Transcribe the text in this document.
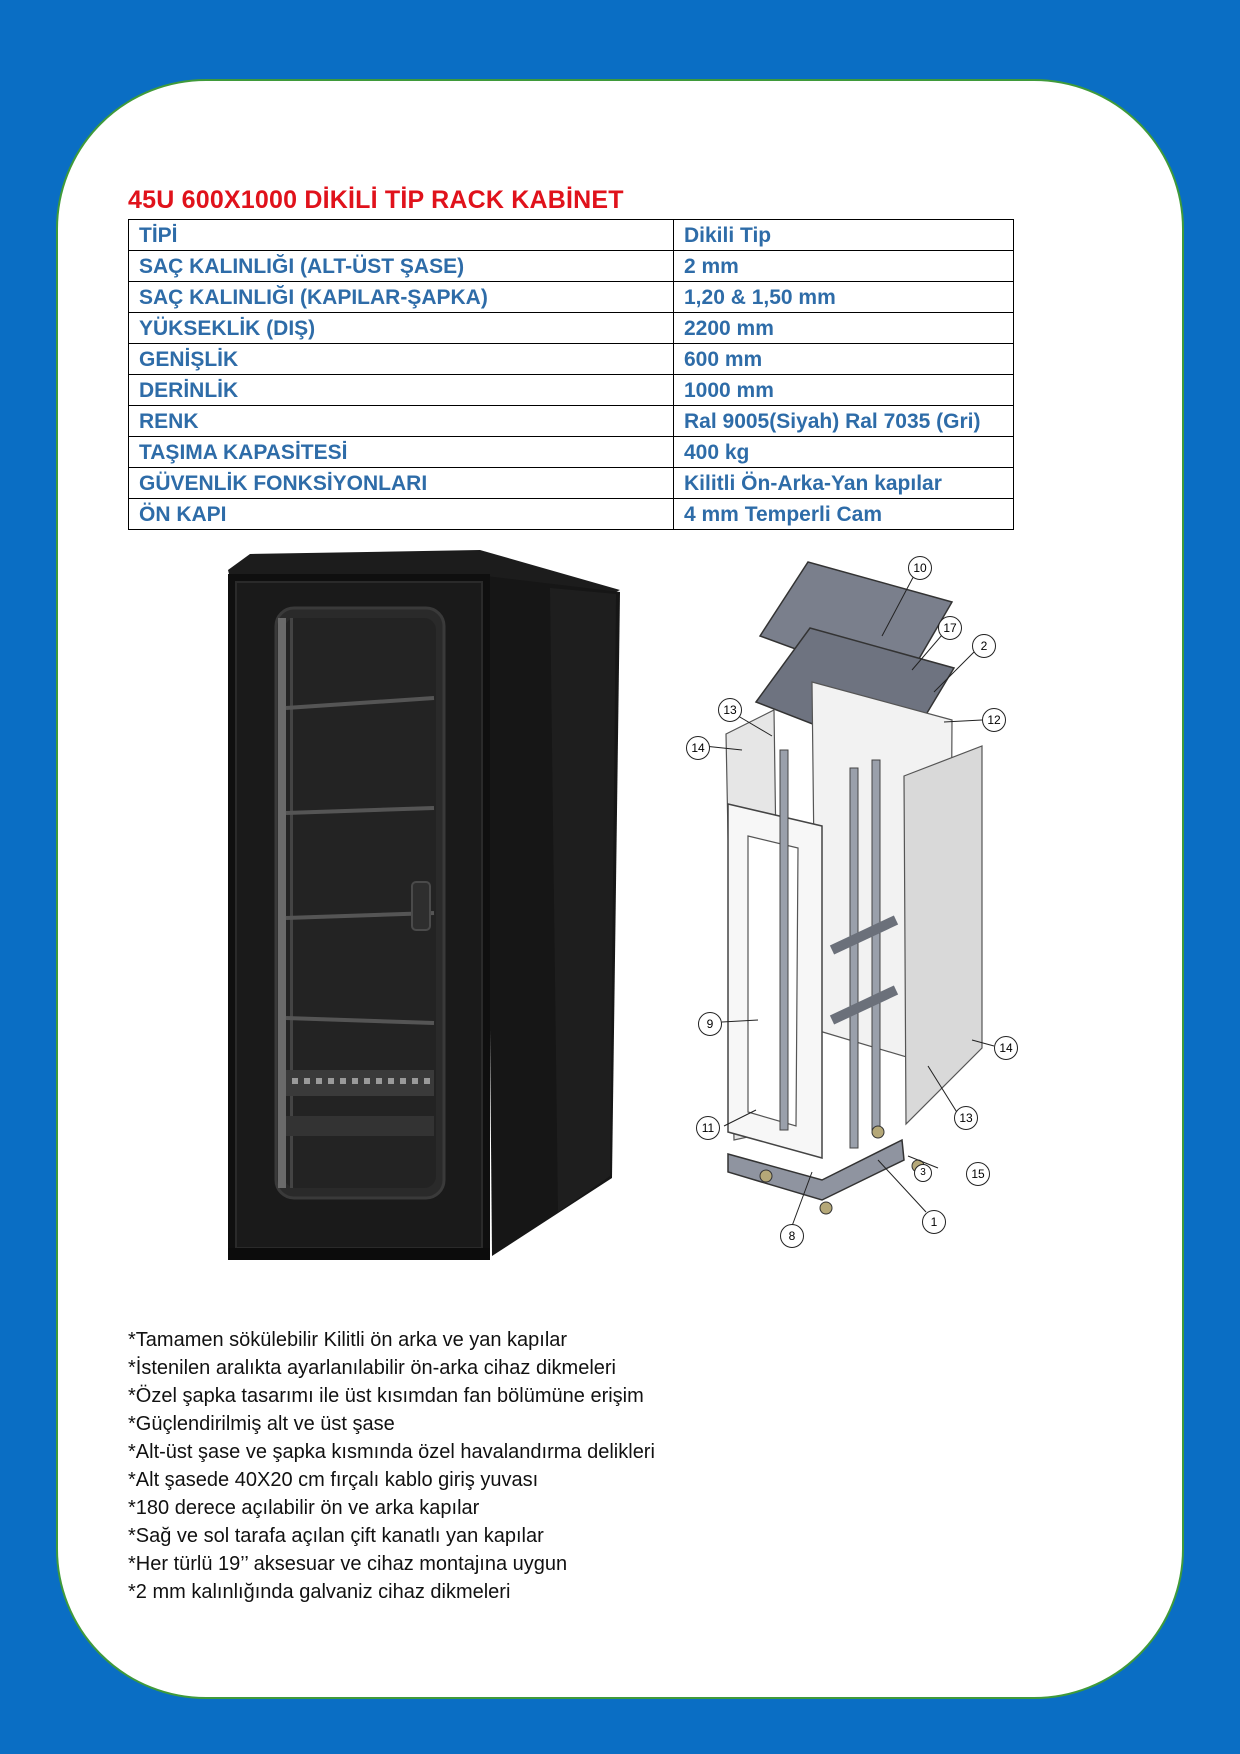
45U 600X1000 DİKİLİ TİP RACK KABİNET
TİPİ	Dikili Tip
SAÇ KALINLIĞI (ALT-ÜST ŞASE)	2 mm
SAÇ KALINLIĞI (KAPILAR-ŞAPKA)	1,20 & 1,50 mm
YÜKSEKLİK (DIŞ)	2200 mm
GENİŞLİK	600 mm
DERİNLİK	1000 mm
RENK	Ral 9005(Siyah) Ral 7035 (Gri)
TAŞIMA KAPASİTESİ	400 kg
GÜVENLİK FONKSİYONLARI	Kilitli Ön-Arka-Yan kapılar
ÖN KAPI	4 mm Temperli Cam
10
17
2
12
13
14
9
11
14
13
15
3
1
8
*Tamamen sökülebilir Kilitli ön arka ve yan kapılar
*İstenilen aralıkta ayarlanılabilir ön-arka cihaz dikmeleri
*Özel şapka tasarımı ile üst kısımdan fan bölümüne erişim
*Güçlendirilmiş alt ve üst şase
*Alt-üst şase ve şapka kısmında özel havalandırma delikleri
*Alt şasede 40X20 cm fırçalı kablo giriş yuvası
*180 derece açılabilir ön ve arka kapılar
*Sağ ve sol tarafa açılan çift kanatlı yan kapılar
*Her türlü 19’’ aksesuar ve cihaz montajına uygun
*2 mm kalınlığında galvaniz cihaz dikmeleri
